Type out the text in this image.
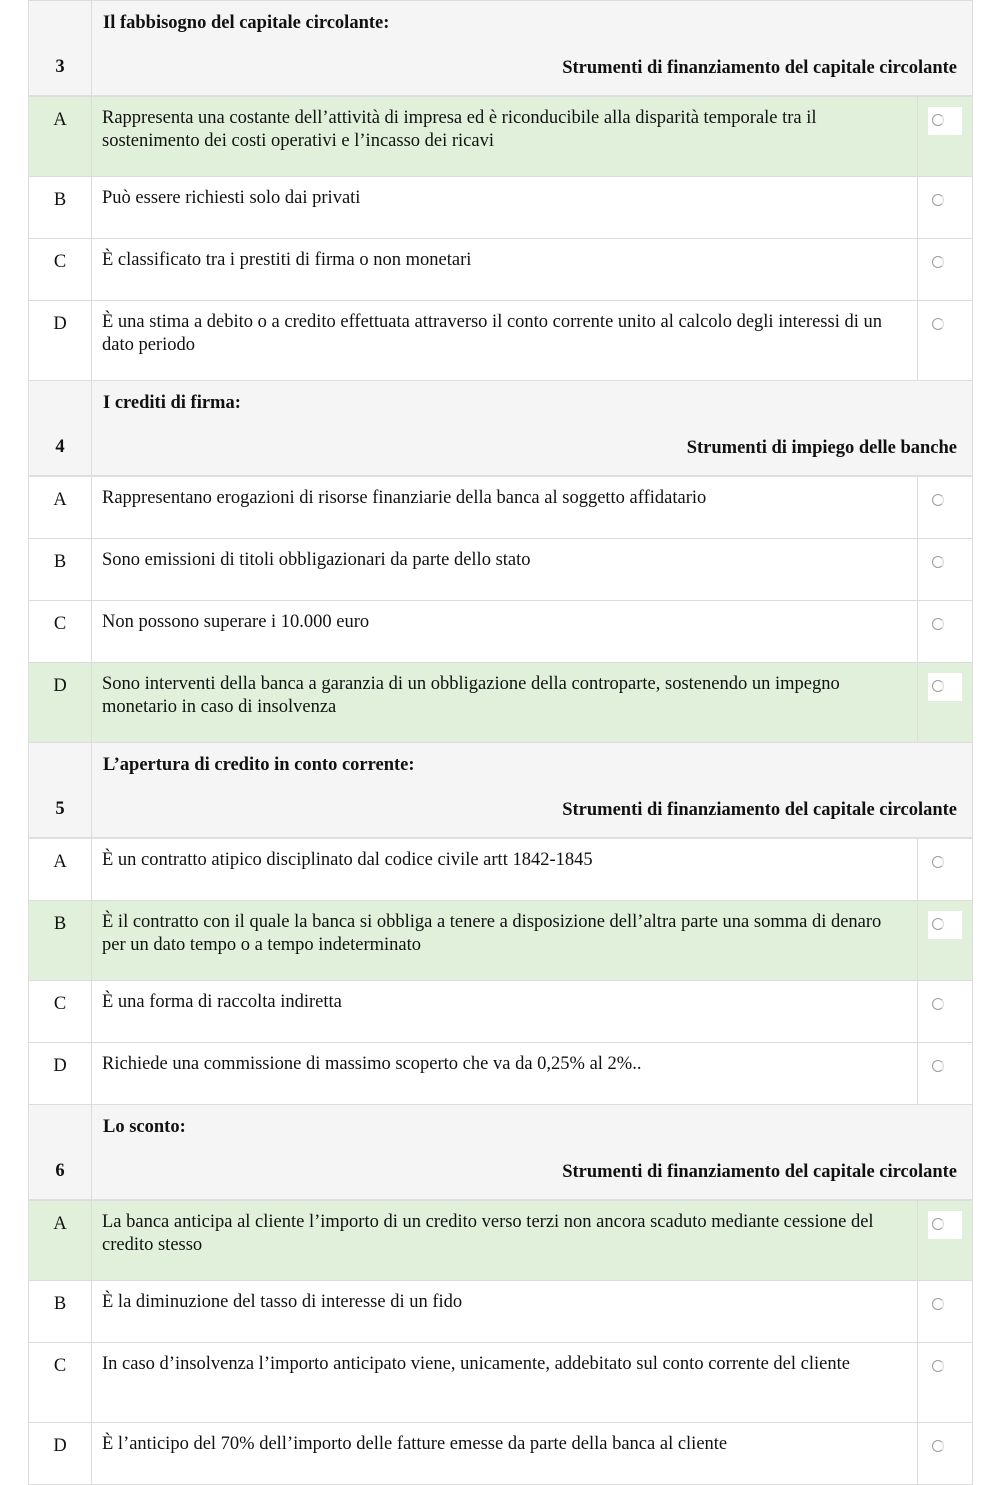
3	Il fabbisogno del capitale circolante:
Strumenti di finanziamento del capitale circolante	

A	Rappresenta una costante dell’attività di impresa ed è riconducibile alla disparità temporale tra il sostenimento dei costi operativi e l’incasso dei ricavi	

B	Può essere richiesti solo dai privati	

C	È classificato tra i prestiti di firma o non monetari	

D	È una stima a debito o a credito effettuata attraverso il conto corrente unito al calcolo degli interessi di un dato periodo	

4	I crediti di firma:
Strumenti di impiego delle banche	

A	Rappresentano erogazioni di risorse finanziarie della banca al soggetto affidatario	

B	Sono emissioni di titoli obbligazionari da parte dello stato	

C	Non possono superare i 10.000 euro	

D	Sono interventi della banca a garanzia di un obbligazione della controparte, sostenendo un impegno monetario in caso di insolvenza	

5	L’apertura di credito in conto corrente:
Strumenti di finanziamento del capitale circolante	

A	È un contratto atipico disciplinato dal codice civile artt 1842-1845	

B	È il contratto con il quale la banca si obbliga a tenere a disposizione dell’altra parte una somma di denaro per un dato tempo o a tempo indeterminato	

C	È una forma di raccolta indiretta	

D	Richiede una commissione di massimo scoperto che va da 0,25% al 2%..	

6	Lo sconto:
Strumenti di finanziamento del capitale circolante	

A	La banca anticipa al cliente l’importo di un credito verso terzi non ancora scaduto mediante cessione del credito stesso	

B	È la diminuzione del tasso di interesse di un fido	

C	In caso d’insolvenza l’importo anticipato viene, unicamente, addebitato sul conto corrente del cliente	

D	È l’anticipo del 70% dell’importo delle fatture emesse da parte della banca al cliente	
